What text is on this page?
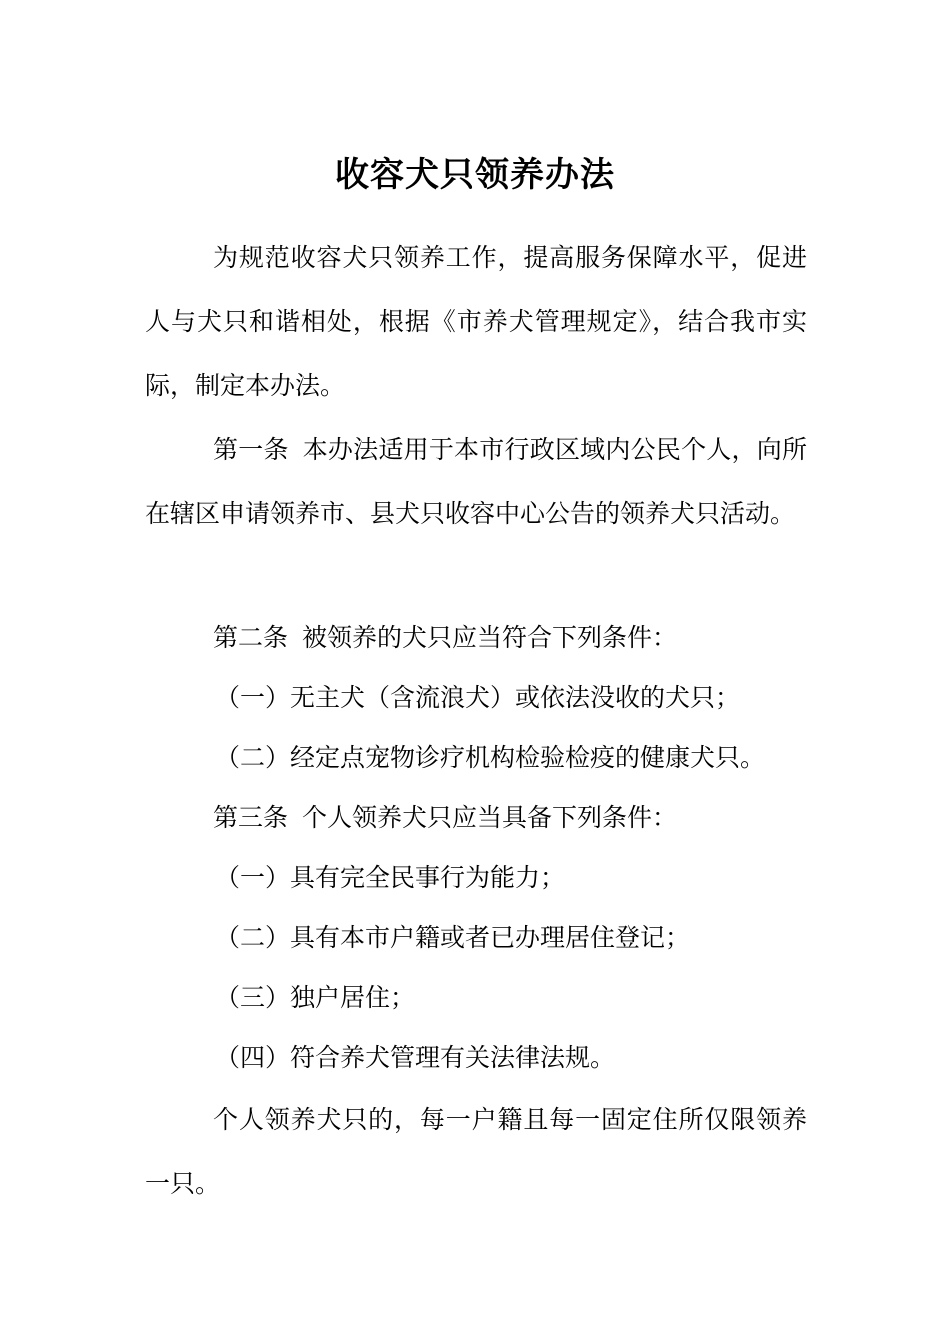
收容犬只领养办法

为规范收容犬只领养工作，提高服务保障水平，促进人与犬只和谐相处，根据《市养犬管理规定》，结合我市实际，制定本办法。

第一条 本办法适用于本市行政区域内公民个人，向所在辖区申请领养市、县犬只收容中心公告的领养犬只活动。

第二条 被领养的犬只应当符合下列条件：

（一）无主犬（含流浪犬）或依法没收的犬只；

（二）经定点宠物诊疗机构检验检疫的健康犬只。

第三条 个人领养犬只应当具备下列条件：

（一）具有完全民事行为能力；

（二）具有本市户籍或者已办理居住登记；

（三）独户居住；

（四）符合养犬管理有关法律法规。

个人领养犬只的，每一户籍且每一固定住所仅限领养一只。
